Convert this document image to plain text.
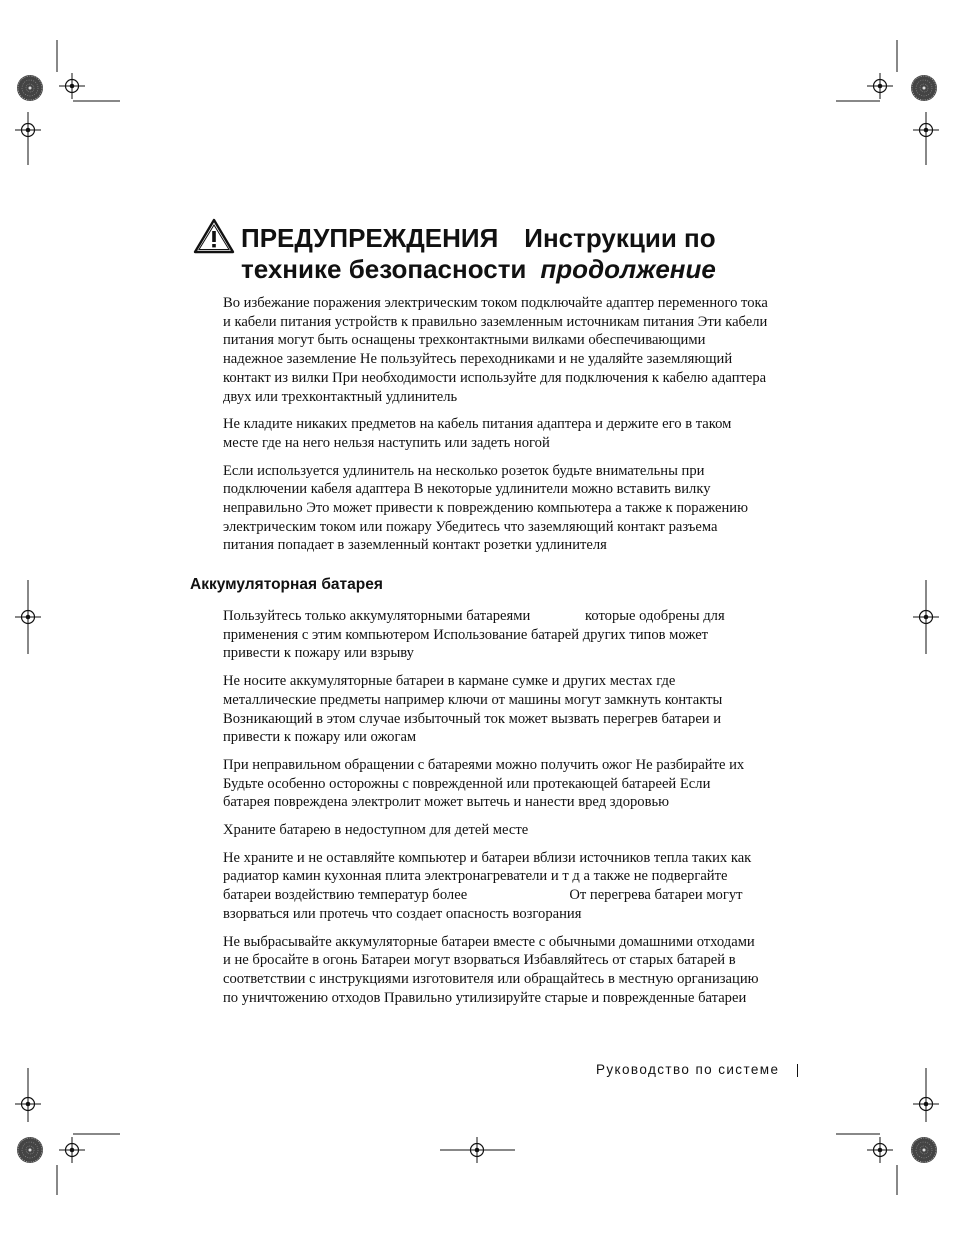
ПРЕДУПРЕЖДЕНИЯ Инструкции по
технике безопасности продолжение

Во избежание поражения электрическим током подключайте адаптер переменного тока
и кабели питания устройств к правильно заземленным источникам питания Эти кабели
питания могут быть оснащены трехконтактными вилками обеспечивающими
надежное заземление Не пользуйтесь переходниками и не удаляйте заземляющий
контакт из вилки При необходимости используйте для подключения к кабелю адаптера
двух или трехконтактный удлинитель

Не кладите никаких предметов на кабель питания адаптера и держите его в таком
месте где на него нельзя наступить или задеть ногой

Если используется удлинитель на несколько розеток будьте внимательны при
подключении кабеля адаптера В некоторые удлинители можно вставить вилку
неправильно Это может привести к повреждению компьютера а также к поражению
электрическим током или пожару Убедитесь что заземляющий контакт разъема
питания попадает в заземленный контакт розетки удлинителя

Аккумуляторная батарея

Пользуйтесь только аккумуляторными батареями               которые одобрены для
применения с этим компьютером Использование батарей других типов может
привести к пожару или взрыву

Не носите аккумуляторные батареи в кармане сумке и других местах где
металлические предметы например ключи от машины могут замкнуть контакты
Возникающий в этом случае избыточный ток может вызвать перегрев батареи и
привести к пожару или ожогам

При неправильном обращении с батареями можно получить ожог Не разбирайте их
Будьте особенно осторожны с поврежденной или протекающей батареей Если
батарея повреждена электролит может вытечь и нанести вред здоровью

Храните батарею в недоступном для детей месте

Не храните и не оставляйте компьютер и батареи вблизи источников тепла таких как
радиатор камин кухонная плита электронагреватели и т д а также не подвергайте
батареи воздействию температур более                            От перегрева батареи могут
взорваться или протечь что создает опасность возгорания

Не выбрасывайте аккумуляторные батареи вместе с обычными домашними отходами
и не бросайте в огонь Батареи могут взорваться Избавляйтесь от старых батарей в
соответствии с инструкциями изготовителя или обращайтесь в местную организацию
по уничтожению отходов Правильно утилизируйте старые и поврежденные батареи

Руководство по системе
